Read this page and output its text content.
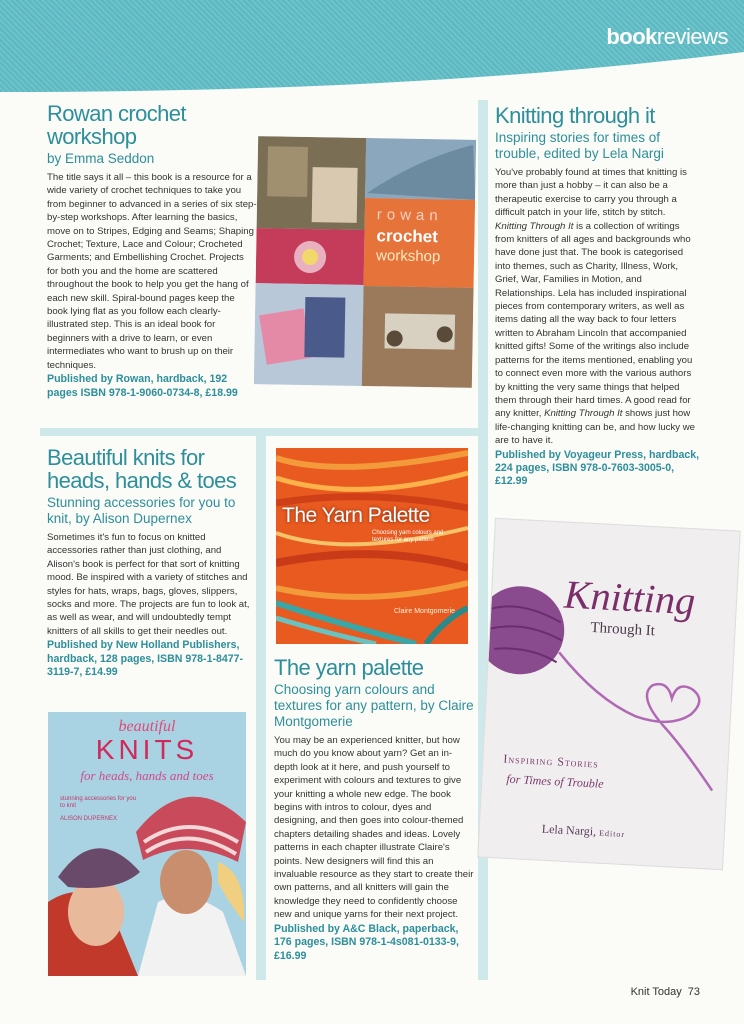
bookreviews
Rowan crochet workshop
by Emma Seddon
The title says it all – this book is a resource for a wide variety of crochet techniques to take you from beginner to advanced in a series of six step-by-step workshops. After learning the basics, move on to Stripes, Edging and Seams; Shaping Crochet; Texture, Lace and Colour; Crocheted Garments; and Embellishing Crochet. Projects for both you and the home are scattered throughout the book to help you get the hang of each new skill. Spiral-bound pages keep the book lying flat as you follow each clearly-illustrated step. This is an ideal book for beginners with a drive to learn, or even intermediates who want to brush up on their techniques.
Published by Rowan, hardback, 192 pages ISBN 978-1-9060-0734-8, £18.99
rowan
crochet
workshop
Knitting through it
Inspiring stories for times of trouble, edited by Lela Nargi
You've probably found at times that knitting is more than just a hobby – it can also be a therapeutic exercise to carry you through a difficult patch in your life, stitch by stitch. Knitting Through It is a collection of writings from knitters of all ages and backgrounds who have done just that. The book is categorised into themes, such as Charity, Illness, Work, Grief, War, Families in Motion, and Relationships. Lela has included inspirational pieces from contemporary writers, as well as items dating all the way back to four letters written to Abraham Lincoln that accompanied knitted gifts! Some of the writings also include patterns for the items mentioned, enabling you to connect even more with the various authors by knitting the very same things that helped them through their hard times. A good read for any knitter, Knitting Through It shows just how life-changing knitting can be, and how lucky we are to have it.
Published by Voyageur Press, hardback, 224 pages, ISBN 978-0-7603-3005-0, £12.99
Knitting
Through It
Inspiring Stories
for Times of Trouble
Lela Nargi, Editor
Beautiful knits for heads, hands & toes
Stunning accessories for you to knit, by Alison Dupernex
Sometimes it's fun to focus on knitted accessories rather than just clothing, and Alison's book is perfect for that sort of knitting mood. Be inspired with a variety of stitches and styles for hats, wraps, bags, gloves, slippers, socks and more. The projects are fun to look at, as well as wear, and will undoubtedly tempt knitters of all skills to get their needles out.
Published by New Holland Publishers, hardback, 128 pages, ISBN 978-1-8477-3119-7, £14.99
beautiful
KNITS
for heads, hands and toes
stunning accessories for you to knit
ALISON DUPERNEX
The Yarn Palette
Choosing yarn colours and textures for any pattern
Claire Montgomerie
The yarn palette
Choosing yarn colours and textures for any pattern, by Claire Montgomerie
You may be an experienced knitter, but how much do you know about yarn? Get an in-depth look at it here, and push yourself to experiment with colours and textures to give your knitting a whole new edge. The book begins with intros to colour, dyes and designing, and then goes into colour-themed chapters detailing shades and ideas. Lovely patterns in each chapter illustrate Claire's points. New designers will find this an invaluable resource as they start to create their own patterns, and all knitters will gain the knowledge they need to confidently choose new and unique yarns for their next project.
Published by A&C Black, paperback, 176 pages, ISBN 978-1-4s081-0133-9, £16.99
Knit Today 73
